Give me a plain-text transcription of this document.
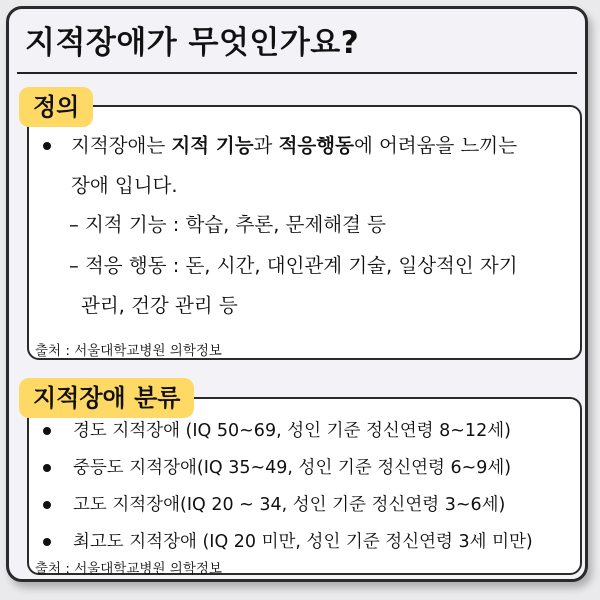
지적장애가 무엇인가요?
지적장애는 지적 기능과 적응행동에 어려움을 느끼는
장애 입니다.
– 지적 기능 : 학습, 추론, 문제해결 등
– 적응 행동 : 돈, 시간, 대인관계 기술, 일상적인 자기
관리, 건강 관리 등
출처 : 서울대학교병원 의학정보
정의
경도 지적장애 (IQ 50~69, 성인 기준 정신연령 8~12세)
중등도 지적장애(IQ 35~49, 성인 기준 정신연령 6~9세)
고도 지적장애(IQ 20 ~ 34, 성인 기준 정신연령 3~6세)
최고도 지적장애 (IQ 20 미만, 성인 기준 정신연령 3세 미만)
출처 : 서울대학교병원 의학정보
지적장애 분류
